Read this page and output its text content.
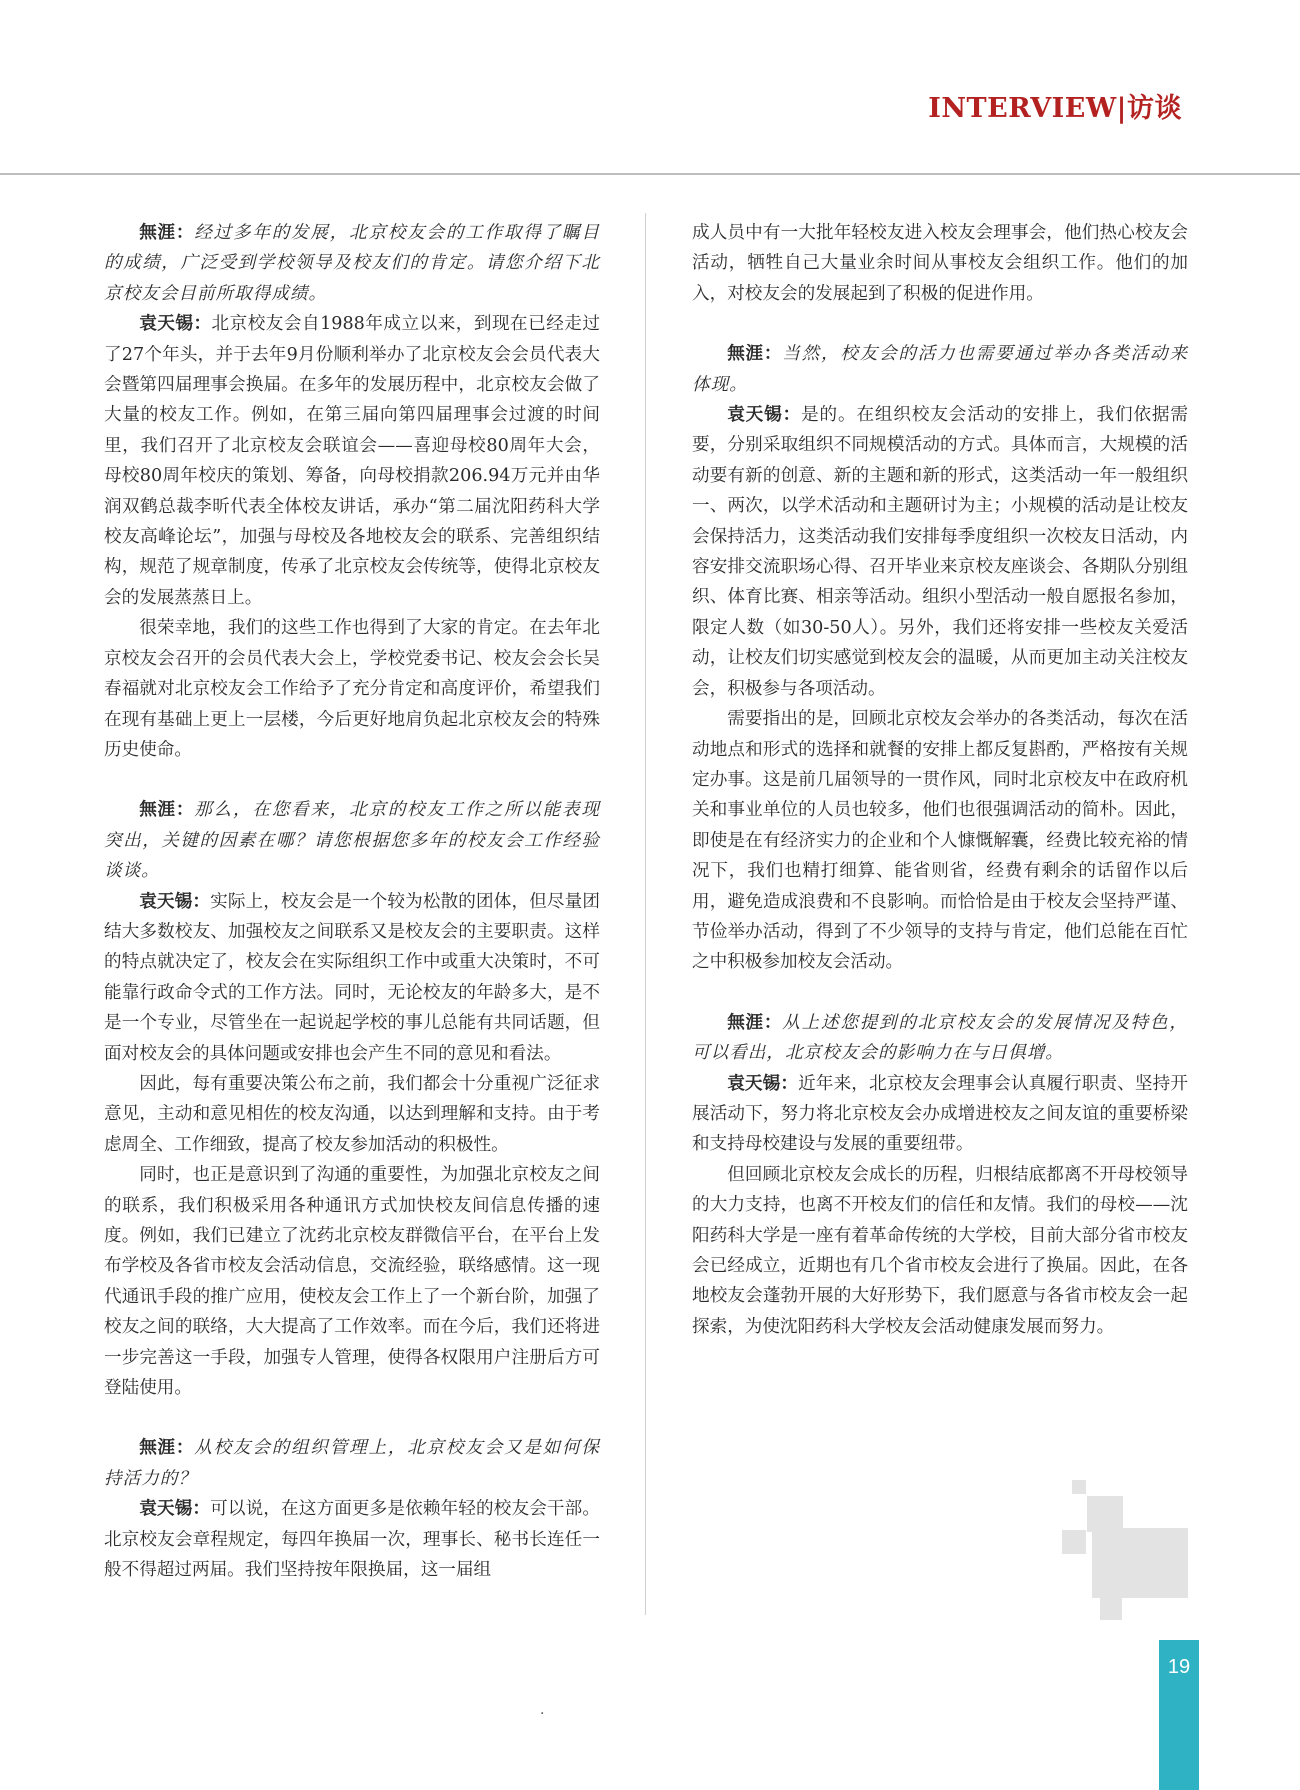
INTERVIEW|访谈

無涯：经过多年的发展，北京校友会的工作取得了瞩目的成绩，广泛受到学校领导及校友们的肯定。请您介绍下北京校友会目前所取得成绩。

袁天锡：北京校友会自1988年成立以来，到现在已经走过了27个年头，并于去年9月份顺利举办了北京校友会会员代表大会暨第四届理事会换届。在多年的发展历程中，北京校友会做了大量的校友工作。例如，在第三届向第四届理事会过渡的时间里，我们召开了北京校友会联谊会——喜迎母校80周年大会，母校80周年校庆的策划、筹备，向母校捐款206.94万元并由华润双鹤总裁李昕代表全体校友讲话，承办“第二届沈阳药科大学校友高峰论坛”，加强与母校及各地校友会的联系、完善组织结构，规范了规章制度，传承了北京校友会传统等，使得北京校友会的发展蒸蒸日上。

很荣幸地，我们的这些工作也得到了大家的肯定。在去年北京校友会召开的会员代表大会上，学校党委书记、校友会会长吴春福就对北京校友会工作给予了充分肯定和高度评价，希望我们在现有基础上更上一层楼，今后更好地肩负起北京校友会的特殊历史使命。

無涯：那么，在您看来，北京的校友工作之所以能表现突出，关键的因素在哪？请您根据您多年的校友会工作经验谈谈。

袁天锡：实际上，校友会是一个较为松散的团体，但尽量团结大多数校友、加强校友之间联系又是校友会的主要职责。这样的特点就决定了，校友会在实际组织工作中或重大决策时，不可能靠行政命令式的工作方法。同时，无论校友的年龄多大，是不是一个专业，尽管坐在一起说起学校的事儿总能有共同话题，但面对校友会的具体问题或安排也会产生不同的意见和看法。

因此，每有重要决策公布之前，我们都会十分重视广泛征求意见，主动和意见相佐的校友沟通，以达到理解和支持。由于考虑周全、工作细致，提高了校友参加活动的积极性。

同时，也正是意识到了沟通的重要性，为加强北京校友之间的联系，我们积极采用各种通讯方式加快校友间信息传播的速度。例如，我们已建立了沈药北京校友群微信平台，在平台上发布学校及各省市校友会活动信息，交流经验，联络感情。这一现代通讯手段的推广应用，使校友会工作上了一个新台阶，加强了校友之间的联络，大大提高了工作效率。而在今后，我们还将进一步完善这一手段，加强专人管理，使得各权限用户注册后方可登陆使用。

無涯：从校友会的组织管理上，北京校友会又是如何保持活力的？

袁天锡：可以说，在这方面更多是依赖年轻的校友会干部。北京校友会章程规定，每四年换届一次，理事长、秘书长连任一般不得超过两届。我们坚持按年限换届，这一届组

成人员中有一大批年轻校友进入校友会理事会，他们热心校友会活动，牺牲自己大量业余时间从事校友会组织工作。他们的加入，对校友会的发展起到了积极的促进作用。

無涯：当然，校友会的活力也需要通过举办各类活动来体现。

袁天锡：是的。在组织校友会活动的安排上，我们依据需要，分别采取组织不同规模活动的方式。具体而言，大规模的活动要有新的创意、新的主题和新的形式，这类活动一年一般组织一、两次，以学术活动和主题研讨为主；小规模的活动是让校友会保持活力，这类活动我们安排每季度组织一次校友日活动，内容安排交流职场心得、召开毕业来京校友座谈会、各期队分别组织、体育比赛、相亲等活动。组织小型活动一般自愿报名参加，限定人数（如30-50人）。另外，我们还将安排一些校友关爱活动，让校友们切实感觉到校友会的温暖，从而更加主动关注校友会，积极参与各项活动。

需要指出的是，回顾北京校友会举办的各类活动，每次在活动地点和形式的选择和就餐的安排上都反复斟酌，严格按有关规定办事。这是前几届领导的一贯作风，同时北京校友中在政府机关和事业单位的人员也较多，他们也很强调活动的简朴。因此，即使是在有经济实力的企业和个人慷慨解囊，经费比较充裕的情况下，我们也精打细算、能省则省，经费有剩余的话留作以后用，避免造成浪费和不良影响。而恰恰是由于校友会坚持严谨、节俭举办活动，得到了不少领导的支持与肯定，他们总能在百忙之中积极参加校友会活动。

無涯：从上述您提到的北京校友会的发展情况及特色，可以看出，北京校友会的影响力在与日俱增。

袁天锡：近年来，北京校友会理事会认真履行职责、坚持开展活动下，努力将北京校友会办成增进校友之间友谊的重要桥梁和支持母校建设与发展的重要纽带。

但回顾北京校友会成长的历程，归根结底都离不开母校领导的大力支持，也离不开校友们的信任和友情。我们的母校——沈阳药科大学是一座有着革命传统的大学校，目前大部分省市校友会已经成立，近期也有几个省市校友会进行了换届。因此，在各地校友会蓬勃开展的大好形势下，我们愿意与各省市校友会一起探索，为使沈阳药科大学校友会活动健康发展而努力。

19
.
